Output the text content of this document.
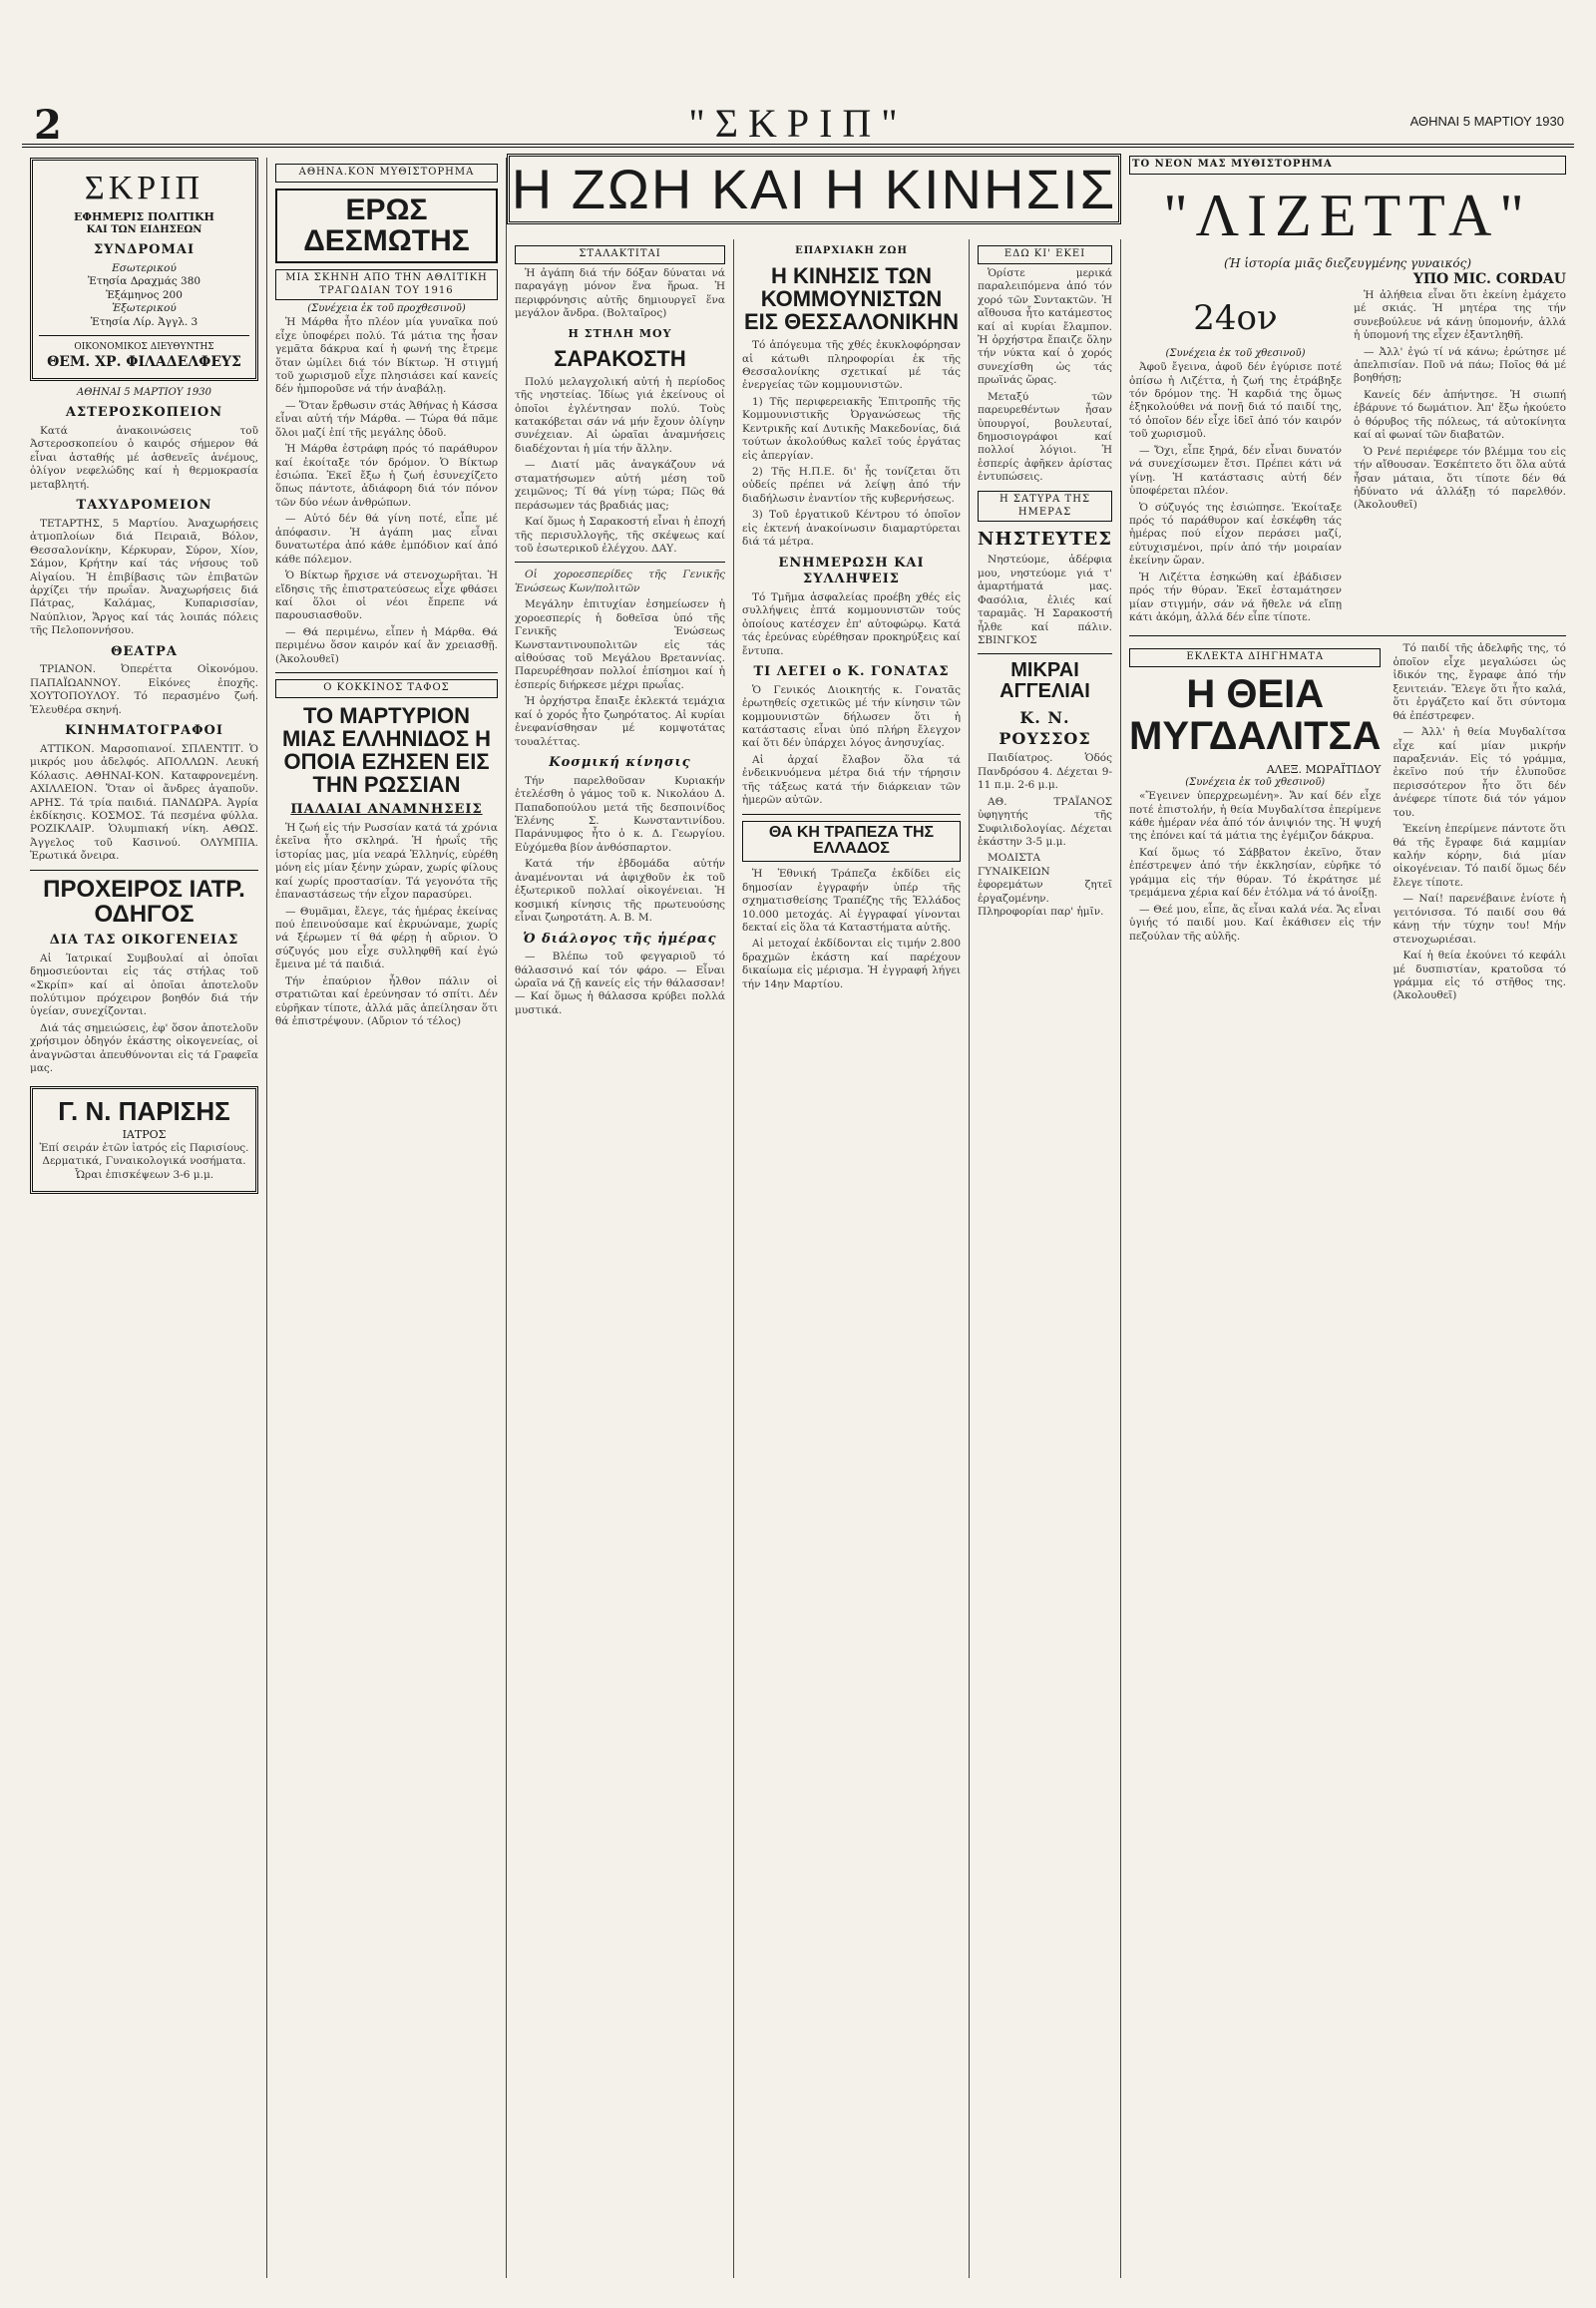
2	"ΣΚΡΙΠ"	ΑΘΗΝΑΙ 5 ΜΑΡΤΙΟΥ 1930
ΣΚΡΙΠ
ΕΦΗΜΕΡΙΣ ΠΟΛΙΤΙΚΗ
ΚΑΙ ΤΩΝ ΕΙΔΗΣΕΩΝ
ΣΥΝΔΡΟΜΑΙ
Εσωτερικού
Ἐτησία Δραχμάς 380
Ἑξάμηνος 200
Ἐξωτερικού
Ἐτησία Λίρ. Ἀγγλ. 3
ΟΙΚΟΝΟΜΙΚΟΣ ΔΙΕΥΘΥΝΤΗΣ
ΘΕΜ. ΧΡ. ΦΙΛΑΔΕΛΦΕΥΣ
ΑΘΗΝΑΙ 5 ΜΑΡΤΙΟΥ 1930
ΑΣΤΕΡΟΣΚΟΠΕΙΟΝ

Κατά ἀνακοινώσεις τοῦ Ἀστεροσκοπείου ὁ καιρός σήμερον θά εἶναι ἀσταθής μέ ἀσθενεῖς ἀνέμους, ὀλίγον νεφελώδης καί ἡ θερμοκρασία μεταβλητή.

ΤΑΧΥΔΡΟΜΕΙΟΝ

ΤΕΤΑΡΤΗΣ, 5 Μαρτίου. Ἀναχωρήσεις ἀτμοπλοίων διά Πειραιᾶ, Βόλον, Θεσσαλονίκην, Κέρκυραν, Σύρον, Χίον, Σάμον, Κρήτην καί τάς νήσους τοῦ Αἰγαίου. Ἡ ἐπιβίβασις τῶν ἐπιβατῶν ἀρχίζει τήν πρωΐαν. Ἀναχωρήσεις διά Πάτρας, Καλάμας, Κυπαρισσίαν, Ναύπλιον, Ἄργος καί τάς λοιπάς πόλεις τῆς Πελοποννήσου.

ΘΕΑΤΡΑ

ΤΡΙΑΝΟΝ. Ὀπερέττα Οἰκονόμου. ΠΑΠΑΪΩΑΝΝΟΥ. Εἰκόνες ἐποχῆς. ΧΟΥΤΟΠΟΥΛΟΥ. Τό περασμένο ζωή. Ἐλευθέρα σκηνή.

ΚΙΝΗΜΑΤΟΓΡΑΦΟΙ

ΑΤΤΙΚΟΝ. Μαρσοπιανοί. ΣΠΛΕΝΤΙΤ. Ὁ μικρός μου ἀδελφός. ΑΠΟΛΛΩΝ. Λευκή Κόλασις. ΑΘΗΝΑΙ-ΚΟΝ. Καταφρονεμένη. ΑΧΙΛΛΕΙΟΝ. Ὅταν οἱ ἄνδρες ἀγαποῦν. ΑΡΗΣ. Τά τρία παιδιά. ΠΑΝΔΩΡΑ. Ἀγρία ἐκδίκησις. ΚΟΣΜΟΣ. Τά πεσμένα φύλλα. ΡΟΖΙΚΛΑΙΡ. Ὁλυμπιακή νίκη. ΑΘΩΣ. Ἀγγελος τοῦ Κασινού. ΟΛΥΜΠΙΑ. Ἐρωτικά ὄνειρα.

ΠΡΟΧΕΙΡΟΣ ΙΑΤΡ. ΟΔΗΓΟΣ
ΔΙΑ ΤΑΣ ΟΙΚΟΓΕΝΕΙΑΣ

Αἱ Ἰατρικαί Συμβουλαί αἱ ὁποῖαι δημοσιεύονται εἰς τάς στήλας τοῦ «Σκρίπ» καί αἱ ὁποῖαι ἀποτελοῦν πολύτιμον πρόχειρον βοηθόν διά τήν ὑγείαν, συνεχίζονται.

Διά τάς σημειώσεις, ἐφ' ὅσον ἀποτελοῦν χρήσιμον ὁδηγόν ἑκάστης οἰκογενείας, οἱ ἀναγνῶσται ἀπευθύνονται εἰς τά Γραφεῖα μας.

Γ. Ν. ΠΑΡΙΣΗΣ
ΙΑΤΡΟΣ

Ἐπί σειράν ἐτῶν ἰατρός εἰς Παρισίους. Δερματικά, Γυναικολογικά νοσήματα. Ὧραι ἐπισκέψεων 3-6 μ.μ.

ΑΘΗΝΑ.ΚΟΝ ΜΥΘΙΣΤΟΡΗΜΑ
ΕΡΩΣ ΔΕΣΜΩΤΗΣ
ΜΙΑ ΣΚΗΝΗ ΑΠΟ ΤΗΝ ΑΘΛΙΤΙΚΗ ΤΡΑΓΩΔΙΑΝ ΤΟΥ 1916
(Συνέχεια ἐκ τοῦ προχθεσινοῦ)

Ἡ Μάρθα ἦτο πλέον μία γυναῖκα πού εἶχε ὑποφέρει πολύ. Τά μάτια της ἦσαν γεμᾶτα δάκρυα καί ἡ φωνή της ἔτρεμε ὅταν ὡμίλει διά τόν Βίκτωρ. Ἡ στιγμή τοῦ χωρισμοῦ εἶχε πλησιάσει καί κανείς δέν ἠμποροῦσε νά τήν ἀναβάλῃ.

— Ὅταν ἔρθωσιν στάς Ἀθήνας ἡ Κάσσα εἶναι αὐτή τήν Μάρθα. — Τώρα θά πᾶμε ὅλοι μαζί ἐπί τῆς μεγάλης ὁδοῦ.

Ἡ Μάρθα ἐστράφη πρός τό παράθυρον καί ἐκοίταξε τόν δρόμον. Ὁ Βίκτωρ ἐσιώπα. Ἐκεῖ ἔξω ἡ ζωή ἐσυνεχίζετο ὅπως πάντοτε, ἀδιάφορη διά τόν πόνον τῶν δύο νέων ἀνθρώπων.

— Αὐτό δέν θά γίνη ποτέ, εἶπε μέ ἀπόφασιν. Ἡ ἀγάπη μας εἶναι δυνατωτέρα ἀπό κάθε ἐμπόδιον καί ἀπό κάθε πόλεμον.

Ὁ Βίκτωρ ἤρχισε νά στενοχωρῆται. Ἡ εἴδησις τῆς ἐπιστρατεύσεως εἶχε φθάσει καί ὅλοι οἱ νέοι ἔπρεπε νά παρουσιασθοῦν.

— Θά περιμένω, εἶπεν ἡ Μάρθα. Θά περιμένω ὅσον καιρόν καί ἄν χρειασθῇ. (Ἀκολουθεῖ)

Ο ΚΟΚΚΙΝΟΣ ΤΑΦΟΣ
ΤΟ ΜΑΡΤΥΡΙΟΝ ΜΙΑΣ ΕΛΛΗΝΙΔΟΣ Η ΟΠΟΙΑ ΕΖΗΣΕΝ ΕΙΣ ΤΗΝ ΡΩΣΣΙΑΝ
ΠΑΛΑΙΑΙ ΑΝΑΜΝΗΣΕΙΣ

Ἡ ζωή εἰς τήν Ρωσσίαν κατά τά χρόνια ἐκεῖνα ἦτο σκληρά. Ἡ ἡρωΐς τῆς ἱστορίας μας, μία νεαρά Ἑλληνίς, εὑρέθη μόνη εἰς μίαν ξένην χώραν, χωρίς φίλους καί χωρίς προστασίαν. Τά γεγονότα τῆς ἐπαναστάσεως τήν εἶχον παρασύρει.

— Θυμᾶμαι, ἔλεγε, τάς ἡμέρας ἐκείνας πού ἐπεινούσαμε καί ἐκρυώναμε, χωρίς νά ξέρωμεν τί θά φέρῃ ἡ αὔριον. Ὁ σύζυγός μου εἶχε συλληφθῆ καί ἐγώ ἔμεινα μέ τά παιδιά.

Τήν ἐπαύριον ἦλθον πάλιν οἱ στρατιῶται καί ἐρεύνησαν τό σπίτι. Δέν εὑρῆκαν τίποτε, ἀλλά μᾶς ἀπείλησαν ὅτι θά ἐπιστρέψουν. (Αὔριον τό τέλος)

Η ΖΩΗ ΚΑΙ Η ΚΙΝΗΣΙΣ
ΣΤΑΛΑΚΤΙΤΑΙ

Ἡ ἀγάπη διά τήν δόξαν δύναται νά παραγάγῃ μόνον ἕνα ἥρωα. Ἡ περιφρόνησις αὐτῆς δημιουργεῖ ἕνα μεγάλον ἄνδρα. (Βολταῖρος)

Η ΣΤΗΛΗ ΜΟΥ
ΣΑΡΑΚΟΣΤΗ

Πολύ μελαγχολική αὐτή ἡ περίοδος τῆς νηστείας. Ἰδίως γιά ἐκείνους οἱ ὁποῖοι ἐγλέντησαν πολύ. Τοὺς κατακόβεται σάν νά μήν ἔχουν ὀλίγην συνέχειαν. Αἱ ὡραῖαι ἀναμνήσεις διαδέχονται ἡ μία τήν ἄλλην.

— Διατί μᾶς ἀναγκάζουν νά σταματήσωμεν αὐτή μέση τοῦ χειμῶνος; Τί θά γίνῃ τώρα; Πῶς θά περάσωμεν τάς βραδιάς μας;

Καί ὅμως ἡ Σαρακοστή εἶναι ἡ ἐποχή τῆς περισυλλογῆς, τῆς σκέψεως καί τοῦ ἐσωτερικοῦ ἐλέγχου. ΔΑΥ.

Οἱ χοροεσπερίδες τῆς Γενικῆς Ἑνώσεως Κων/πολιτῶν

Μεγάλην ἐπιτυχίαν ἐσημείωσεν ἡ χοροεσπερίς ἡ δοθεῖσα ὑπό τῆς Γενικῆς Ἑνώσεως Κωνσταντινουπολιτῶν εἰς τάς αἰθούσας τοῦ Μεγάλου Βρεταννίας. Παρευρέθησαν πολλοί ἐπίσημοι καί ἡ ἑσπερίς διήρκεσε μέχρι πρωΐας.

Ἡ ὀρχήστρα ἔπαιξε ἐκλεκτά τεμάχια καί ὁ χορός ἦτο ζωηρότατος. Αἱ κυρίαι ἐνεφανίσθησαν μέ κομψοτάτας τουαλέττας.

Κοσμική κίνησις

Τήν παρελθοῦσαν Κυριακήν ἐτελέσθη ὁ γάμος τοῦ κ. Νικολάου Δ. Παπαδοπούλου μετά τῆς δεσποινίδος Ἑλένης Σ. Κωνσταντινίδου. Παράνυμφος ἦτο ὁ κ. Δ. Γεωργίου. Εὐχόμεθα βίον ἀνθόσπαρτον.

Κατά τήν ἑβδομάδα αὐτήν ἀναμένονται νά ἀφιχθοῦν ἐκ τοῦ ἐξωτερικοῦ πολλαί οἰκογένειαι. Ἡ κοσμική κίνησις τῆς πρωτευούσης εἶναι ζωηροτάτη. Α. Β. Μ.

Ὁ διάλογος τῆς ἡμέρας

— Βλέπω τοῦ φεγγαριοῦ τό θάλασσινό καί τόν φάρο. — Εἶναι ὡραῖα νά ζῇ κανείς εἰς τήν θάλασσαν! — Καί ὅμως ἡ θάλασσα κρύβει πολλά μυστικά.

ΕΠΑΡΧΙΑΚΗ ΖΩΗ
Η ΚΙΝΗΣΙΣ ΤΩΝ ΚΟΜΜΟΥΝΙΣΤΩΝ ΕΙΣ ΘΕΣΣΑΛΟΝΙΚΗΝ

Τό ἀπόγευμα τῆς χθές ἐκυκλοφόρησαν αἱ κάτωθι πληροφορίαι ἐκ τῆς Θεσσαλονίκης σχετικαί μέ τάς ἐνεργείας τῶν κομμουνιστῶν.

1) Τῆς περιφερειακῆς Ἐπιτροπῆς τῆς Κομμουνιστικῆς Ὀργανώσεως τῆς Κεντρικῆς καί Δυτικῆς Μακεδονίας, διά τούτων ἀκολούθως καλεῖ τούς ἐργάτας εἰς ἀπεργίαν.

2) Τῆς Η.Π.Ε. δι' ἧς τονίζεται ὅτι οὐδείς πρέπει νά λείψῃ ἀπό τήν διαδήλωσιν ἐναντίον τῆς κυβερνήσεως.

3) Τοῦ ἐργατικοῦ Κέντρου τό ὁποῖον εἰς ἐκτενή ἀνακοίνωσιν διαμαρτύρεται διά τά μέτρα.

ΕΝΗΜΕΡΩΣΗ ΚΑΙ ΣΥΛΛΗΨΕΙΣ

Τό Τμῆμα ἀσφαλείας προέβη χθές εἰς συλλήψεις ἐπτά κομμουνιστῶν τούς ὁποίους κατέσχεν ἐπ' αὐτοφώρῳ. Κατά τάς ἐρεύνας εὑρέθησαν προκηρύξεις καί ἔντυπα.

ΤΙ ΛΕΓΕΙ ο Κ. ΓΟΝΑΤΑΣ

Ὁ Γενικός Διοικητής κ. Γονατᾶς ἐρωτηθείς σχετικῶς μέ τήν κίνησιν τῶν κομμουνιστῶν δήλωσεν ὅτι ἡ κατάστασις εἶναι ὑπό πλήρη ἔλεγχον καί ὅτι δέν ὑπάρχει λόγος ἀνησυχίας.

Αἱ ἀρχαί ἔλαβον ὅλα τά ἐνδεικνυόμενα μέτρα διά τήν τήρησιν τῆς τάξεως κατά τήν διάρκειαν τῶν ἡμερῶν αὐτῶν.

ΘΑ ΚΗ ΤΡΑΠΕΖΑ ΤΗΣ ΕΛΛΑΔΟΣ

Ἡ Ἐθνική Τράπεζα ἐκδίδει εἰς δημοσίαν ἐγγραφήν ὑπέρ τῆς σχηματισθείσης Τραπέζης τῆς Ἑλλάδος 10.000 μετοχάς. Αἱ ἐγγραφαί γίνονται δεκταί εἰς ὅλα τά Καταστήματα αὐτῆς.

Αἱ μετοχαί ἐκδίδονται εἰς τιμήν 2.800 δραχμῶν ἑκάστη καί παρέχουν δικαίωμα εἰς μέρισμα. Ἡ ἐγγραφή λήγει τήν 14ην Μαρτίου.

ΕΔΩ ΚΙ' ΕΚΕΙ

Ὁρίστε μερικά παραλειπόμενα ἀπό τόν χορό τῶν Συντακτῶν. Ἡ αἴθουσα ἦτο κατάμεστος καί αἱ κυρίαι ἔλαμπον. Ἡ ὀρχήστρα ἔπαιζε ὅλην τήν νύκτα καί ὁ χορός συνεχίσθη ὡς τάς πρωϊνάς ὥρας.

Μεταξύ τῶν παρευρεθέντων ἦσαν ὑπουργοί, βουλευταί, δημοσιογράφοι καί πολλοί λόγιοι. Ἡ ἑσπερίς ἀφῆκεν ἀρίστας ἐντυπώσεις.

Η ΣΑΤΥΡΑ ΤΗΣ ΗΜΕΡΑΣ
ΝΗΣΤΕΥΤΕΣ

Νηστεύομε, ἀδέρφια μου, νηστεύομε γιά τ' ἁμαρτήματά μας. Φασόλια, ἐλιές καί ταραμᾶς. Ἡ Σαρακοστή ἦλθε καί πάλιν. ΣΒΙΝΓΚΟΣ

ΜΙΚΡΑΙ ΑΓΓΕΛΙΑΙ
Κ. Ν. ΡΟΥΣΣΟΣ

Παιδίατρος. Ὁδός Πανδρόσου 4. Δέχεται 9-11 π.μ. 2-6 μ.μ.

ΑΘ. ΤΡΑΪΑΝΟΣ ὑφηγητής τῆς Συφιλιδολογίας. Δέχεται ἑκάστην 3-5 μ.μ.

ΜΟΔΙΣΤΑ ΓΥΝΑΙΚΕΙΩΝ ἐφορεμάτων ζητεῖ ἐργαζομένην. Πληροφορίαι παρ' ἡμῖν.

ΤΟ ΝΕΟΝ ΜΑΣ ΜΥΘΙΣΤΟΡΗΜΑ
"ΛΙΖΕΤΤΑ"
(Ἡ ἱστορία μιᾶς διεζευγμένης γυναικός)
ΥΠΟ MIC. CORDAU
24ον
(Συνέχεια ἐκ τοῦ χθεσινοῦ)

Ἀφοῦ ἔγεινα, ἀφοῦ δέν ἐγύρισε ποτέ ὀπίσω ἡ Λιζέττα, ἡ ζωή της ἐτράβηξε τόν δρόμον της. Ἡ καρδιά της ὅμως ἐξηκολούθει νά πονῇ διά τό παιδί της, τό ὁποῖον δέν εἶχε ἰδεῖ ἀπό τόν καιρόν τοῦ χωρισμοῦ.

— Ὄχι, εἶπε ξηρά, δέν εἶναι δυνατόν νά συνεχίσωμεν ἔτσι. Πρέπει κάτι νά γίνῃ. Ἡ κατάστασις αὐτή δέν ὑποφέρεται πλέον.

Ὁ σύζυγός της ἐσιώπησε. Ἐκοίταξε πρός τό παράθυρον καί ἐσκέφθη τάς ἡμέρας πού εἶχον περάσει μαζί, εὐτυχισμένοι, πρίν ἀπό τήν μοιραίαν ἐκείνην ὥραν.

Ἡ Λιζέττα ἐσηκώθη καί ἐβάδισεν πρός τήν θύραν. Ἐκεῖ ἐσταμάτησεν μίαν στιγμήν, σάν νά ἤθελε νά εἴπῃ κάτι ἀκόμη, ἀλλά δέν εἶπε τίποτε.

Ἡ ἀλήθεια εἶναι ὅτι ἐκείνη ἐμάχετο μέ σκιάς. Ἡ μητέρα της τήν συνεβούλευε νά κάνῃ ὑπομονήν, ἀλλά ἡ ὑπομονή της εἶχεν ἐξαντληθῆ.

— Ἀλλ' ἐγώ τί νά κάνω; ἐρώτησε μέ ἀπελπισίαν. Ποῦ νά πάω; Ποῖος θά μέ βοηθήσῃ;

Κανείς δέν ἀπήντησε. Ἡ σιωπή ἐβάρυνε τό δωμάτιον. Ἀπ' ἔξω ἠκούετο ὁ θόρυβος τῆς πόλεως, τά αὐτοκίνητα καί αἱ φωναί τῶν διαβατῶν.

Ὁ Ρενέ περιέφερε τόν βλέμμα του εἰς τήν αἴθουσαν. Ἐσκέπτετο ὅτι ὅλα αὐτά ἦσαν μάταια, ὅτι τίποτε δέν θά ἠδύνατο νά ἀλλάξῃ τό παρελθόν. (Ἀκολουθεῖ)

ΕΚΛΕΚΤΑ ΔΙΗΓΗΜΑΤΑ
Η ΘΕΙΑ ΜΥΓΔΑΛΙΤΣΑ
ΑΛΕΞ. ΜΩΡΑΪΤΙΔΟΥ
(Συνέχεια ἐκ τοῦ χθεσινοῦ)

«Ἔγεινεν ὑπερχρεωμένη». Ἄν καί δέν εἶχε ποτέ ἐπιστολήν, ἡ θεία Μυγδαλίτσα ἐπερίμενε κάθε ἡμέραν νέα ἀπό τόν ἀνιψιόν της. Ἡ ψυχή της ἐπόνει καί τά μάτια της ἐγέμιζον δάκρυα.

Καί ὅμως τό Σάββατον ἐκεῖνο, ὅταν ἐπέστρεψεν ἀπό τήν ἐκκλησίαν, εὑρῆκε τό γράμμα εἰς τήν θύραν. Τό ἐκράτησε μέ τρεμάμενα χέρια καί δέν ἐτόλμα νά τό ἀνοίξῃ.

— Θεέ μου, εἶπε, ἄς εἶναι καλά νέα. Ἄς εἶναι ὑγιής τό παιδί μου. Καί ἐκάθισεν εἰς τήν πεζούλαν τῆς αὐλῆς.

Τό παιδί τῆς ἀδελφῆς της, τό ὁποῖον εἶχε μεγαλώσει ὡς ἰδικόν της, ἔγραφε ἀπό τήν ξενιτειάν. Ἔλεγε ὅτι ἦτο καλά, ὅτι ἐργάζετο καί ὅτι σύντομα θά ἐπέστρεφεν.

— Ἀλλ' ἡ θεία Μυγδαλίτσα εἶχε καί μίαν μικρήν παραξενιάν. Εἰς τό γράμμα, ἐκεῖνο πού τήν ἐλυποῦσε περισσότερον ἦτο ὅτι δέν ἀνέφερε τίποτε διά τόν γάμον του.

Ἐκείνη ἐπερίμενε πάντοτε ὅτι θά τῆς ἔγραφε διά καμμίαν καλήν κόρην, διά μίαν οἰκογένειαν. Τό παιδί ὅμως δέν ἔλεγε τίποτε.

— Ναί! παρενέβαινε ἐνίοτε ἡ γειτόνισσα. Τό παιδί σου θά κάνῃ τήν τύχην του! Μήν στενοχωριέσαι.

Καί ἡ θεία ἐκούνει τό κεφάλι μέ δυσπιστίαν, κρατοῦσα τό γράμμα εἰς τό στῆθος της. (Ἀκολουθεῖ)
